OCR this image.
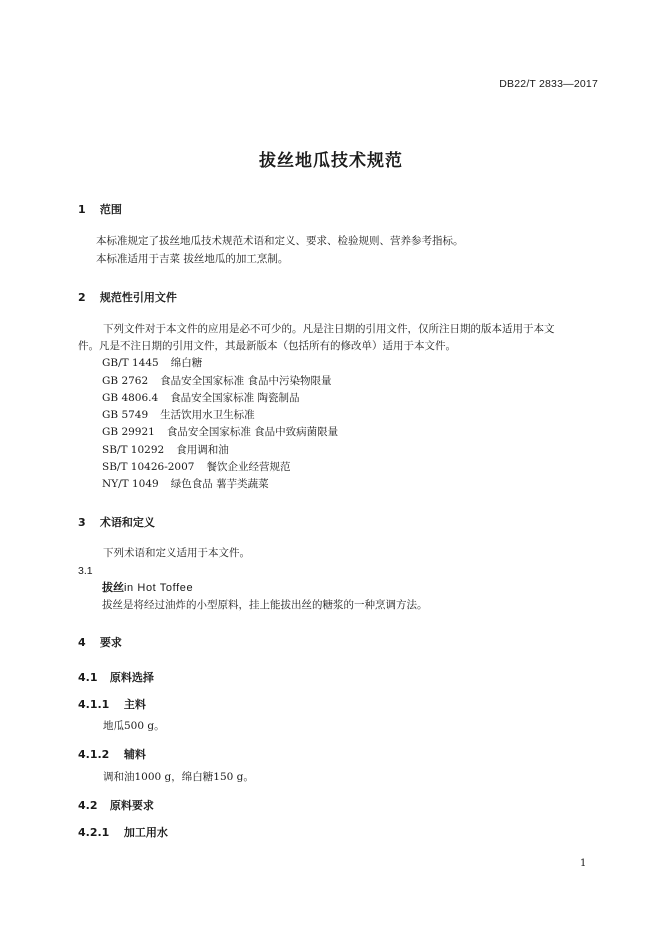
DB22/T 2833—2017
拔丝地瓜技术规范
1 范围
本标准规定了拔丝地瓜技术规范术语和定义、要求、检验规则、营养参考指标。
本标准适用于吉菜 拔丝地瓜的加工烹制。
2 规范性引用文件
下列文件对于本文件的应用是必不可少的。凡是注日期的引用文件，仅所注日期的版本适用于本文
件。凡是不注日期的引用文件，其最新版本（包括所有的修改单）适用于本文件。
GB/T 1445 绵白糖
GB 2762 食品安全国家标准 食品中污染物限量
GB 4806.4 食品安全国家标准 陶瓷制品
GB 5749 生活饮用水卫生标准
GB 29921 食品安全国家标准 食品中致病菌限量
SB/T 10292 食用调和油
SB/T 10426-2007 餐饮企业经营规范
NY/T 1049 绿色食品 薯芋类蔬菜
3 术语和定义
下列术语和定义适用于本文件。
3.1
拔丝in Hot Toffee
拔丝是将经过油炸的小型原料，挂上能拔出丝的糖浆的一种烹调方法。
4 要求
4.1 原料选择
4.1.1 主料
地瓜500 g。
4.1.2 辅料
调和油1000 g，绵白糖150 g。
4.2 原料要求
4.2.1 加工用水
1
